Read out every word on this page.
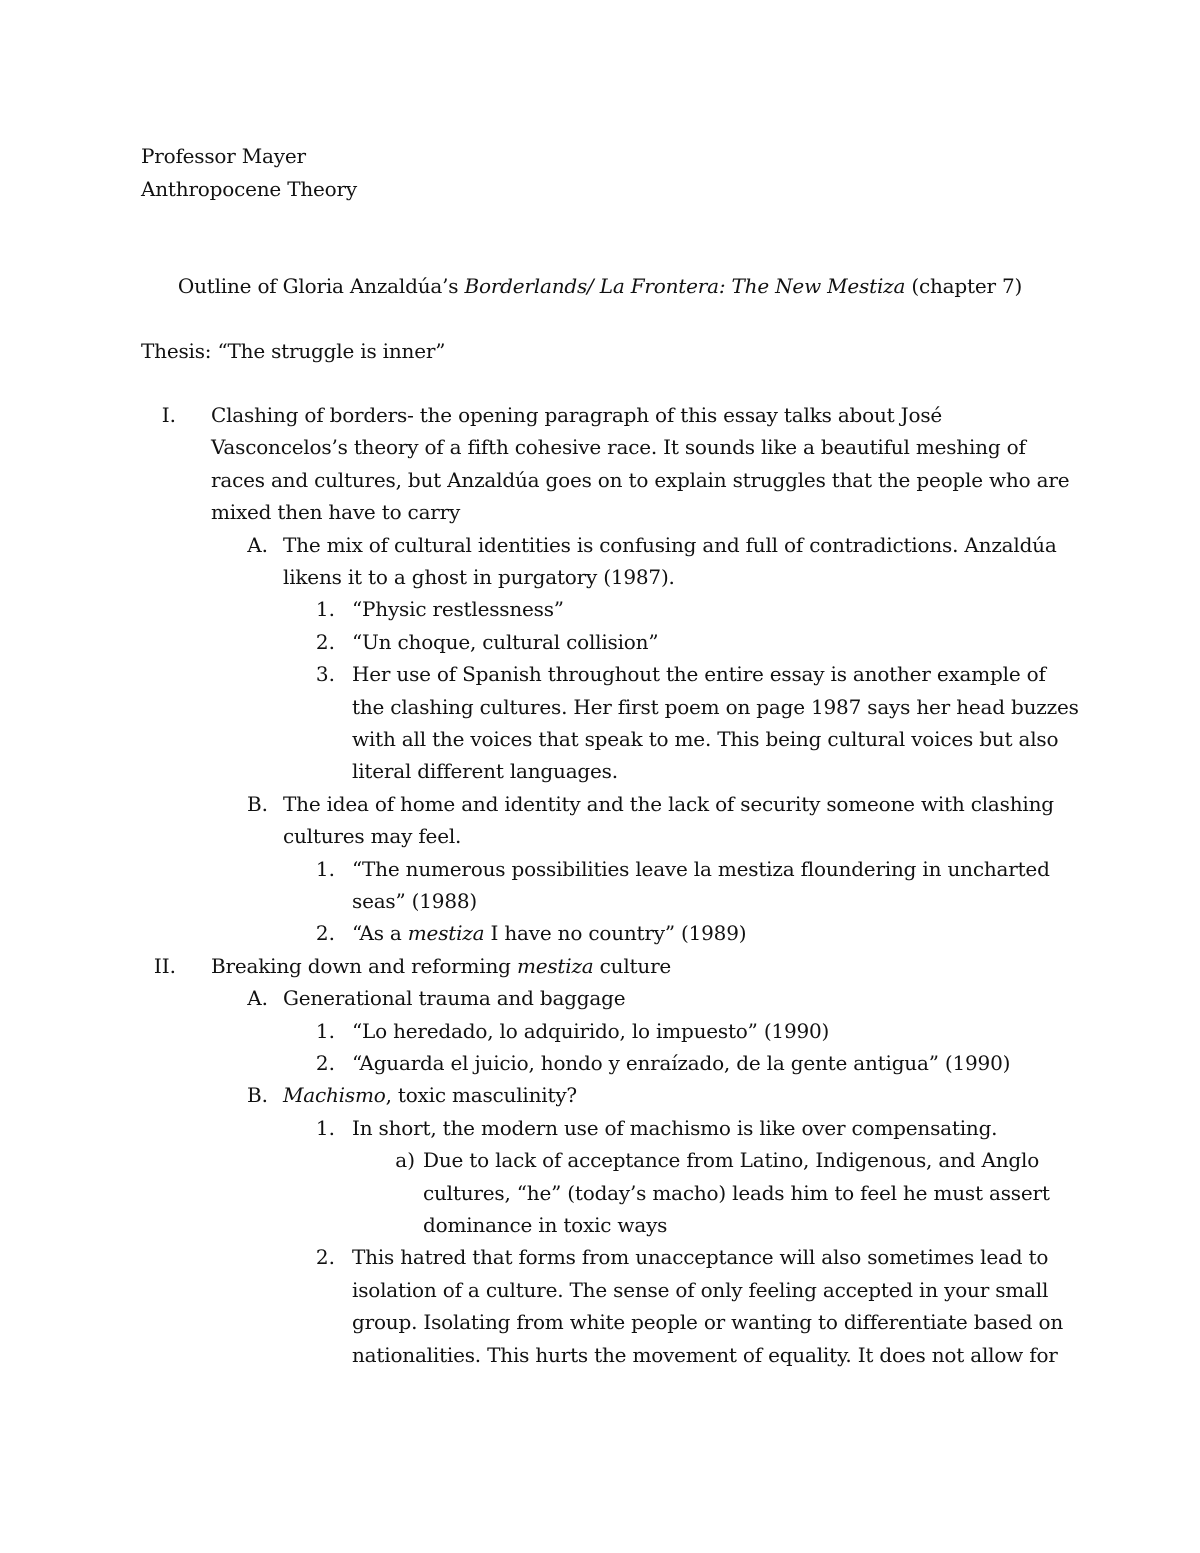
Professor Mayer
Anthropocene Theory
Outline of Gloria Anzaldúa’s Borderlands/ La Frontera: The New Mestiza (chapter 7)
Thesis: “The struggle is inner”
I. Clashing of borders- the opening paragraph of this essay talks about José
Vasconcelos’s theory of a fifth cohesive race. It sounds like a beautiful meshing of
races and cultures, but Anzaldúa goes on to explain struggles that the people who are
mixed then have to carry
A. The mix of cultural identities is confusing and full of contradictions. Anzaldúa
likens it to a ghost in purgatory (1987).
1. “Physic restlessness”
2. “Un choque, cultural collision”
3. Her use of Spanish throughout the entire essay is another example of
the clashing cultures. Her first poem on page 1987 says her head buzzes
with all the voices that speak to me. This being cultural voices but also
literal different languages.
B. The idea of home and identity and the lack of security someone with clashing
cultures may feel.
1. “The numerous possibilities leave la mestiza floundering in uncharted
seas” (1988)
2. “As a mestiza I have no country” (1989)
II. Breaking down and reforming mestiza culture
A. Generational trauma and baggage
1. “Lo heredado, lo adquirido, lo impuesto” (1990)
2. “Aguarda el juicio, hondo y enraízado, de la gente antigua” (1990)
B. Machismo, toxic masculinity?
1. In short, the modern use of machismo is like over compensating.
a) Due to lack of acceptance from Latino, Indigenous, and Anglo
cultures, “he” (today’s macho) leads him to feel he must assert
dominance in toxic ways
2. This hatred that forms from unacceptance will also sometimes lead to
isolation of a culture. The sense of only feeling accepted in your small
group. Isolating from white people or wanting to differentiate based on
nationalities. This hurts the movement of equality. It does not allow for
